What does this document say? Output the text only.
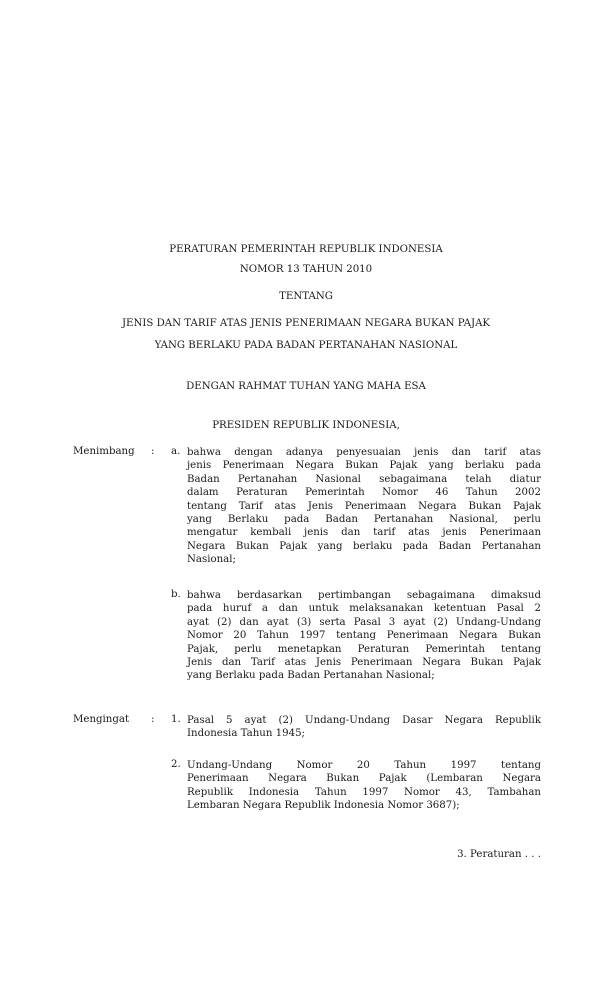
PERATURAN PEMERINTAH REPUBLIK INDONESIA
NOMOR 13 TAHUN 2010
TENTANG
JENIS DAN TARIF ATAS JENIS PENERIMAAN NEGARA BUKAN PAJAK
YANG BERLAKU PADA BADAN PERTANAHAN NASIONAL
DENGAN RAHMAT TUHAN YANG MAHA ESA
PRESIDEN REPUBLIK INDONESIA,
Menimbang : a. bahwa dengan adanya penyesuaian jenis dan tarif atas
jenis Penerimaan Negara Bukan Pajak yang berlaku pada
Badan Pertanahan Nasional sebagaimana telah diatur
dalam Peraturan Pemerintah Nomor 46 Tahun 2002
tentang Tarif atas Jenis Penerimaan Negara Bukan Pajak
yang Berlaku pada Badan Pertanahan Nasional, perlu
mengatur kembali jenis dan tarif atas jenis Penerimaan
Negara Bukan Pajak yang berlaku pada Badan Pertanahan
Nasional;
b. bahwa berdasarkan pertimbangan sebagaimana dimaksud
pada huruf a dan untuk melaksanakan ketentuan Pasal 2
ayat (2) dan ayat (3) serta Pasal 3 ayat (2) Undang-Undang
Nomor 20 Tahun 1997 tentang Penerimaan Negara Bukan
Pajak, perlu menetapkan Peraturan Pemerintah tentang
Jenis dan Tarif atas Jenis Penerimaan Negara Bukan Pajak
yang Berlaku pada Badan Pertanahan Nasional;
Mengingat : 1. Pasal 5 ayat (2) Undang-Undang Dasar Negara Republik
Indonesia Tahun 1945;
2. Undang-Undang Nomor 20 Tahun 1997 tentang
Penerimaan Negara Bukan Pajak (Lembaran Negara
Republik Indonesia Tahun 1997 Nomor 43, Tambahan
Lembaran Negara Republik Indonesia Nomor 3687);
3. Peraturan . . .
